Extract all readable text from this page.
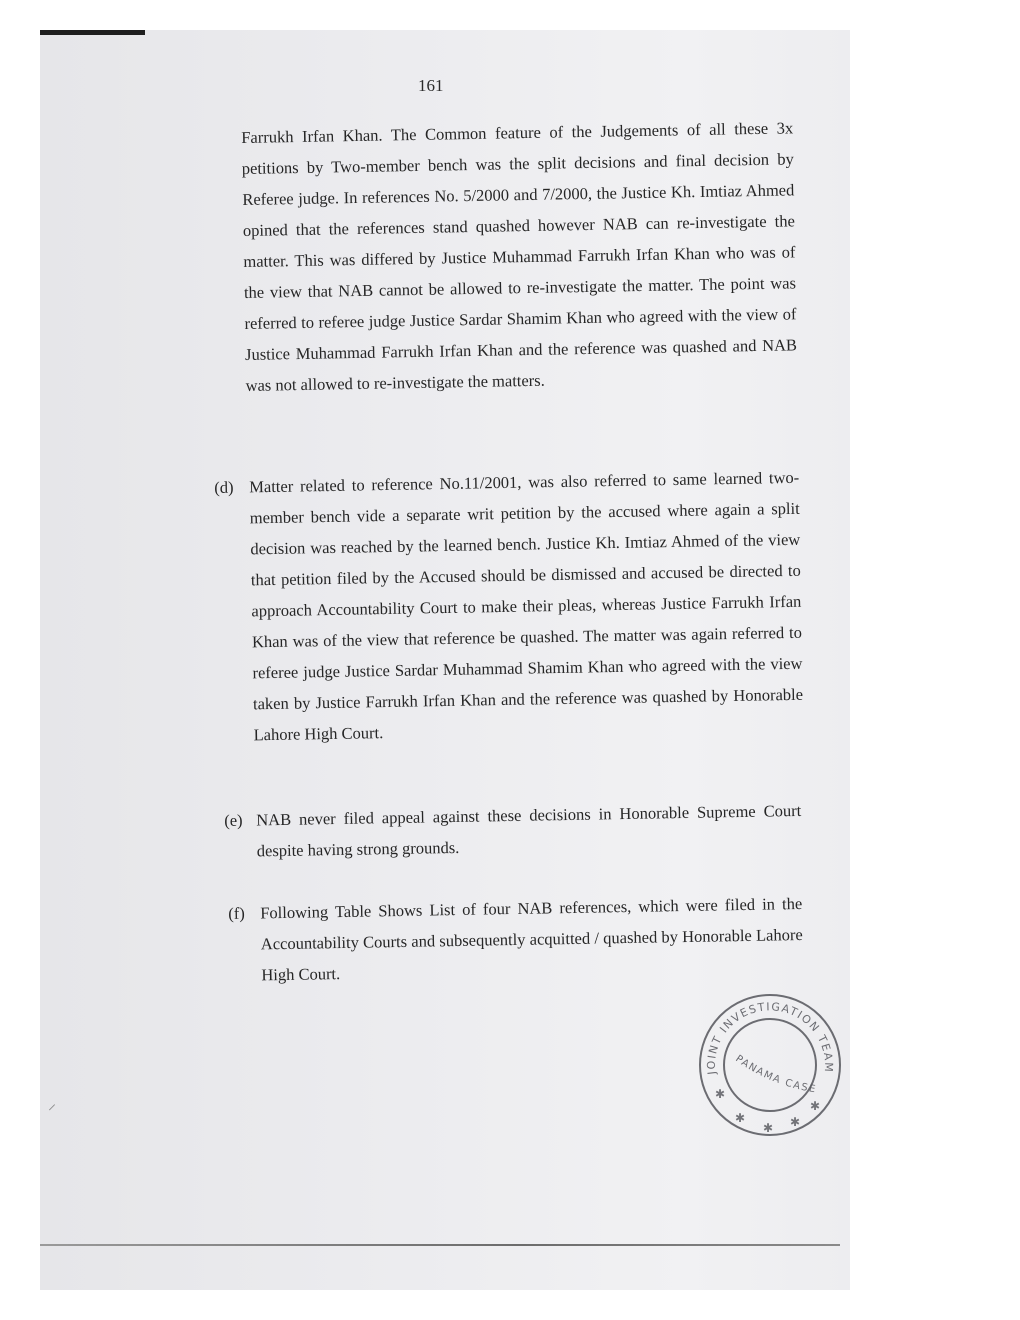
161

Farrukh Irfan Khan. The Common feature of the Judgements of all these 3x petitions by Two-member bench was the split decisions and final decision by Referee judge. In references No. 5/2000 and 7/2000, the Justice Kh. Imtiaz Ahmed opined that the references stand quashed however NAB can re-investigate the matter. This was differed by Justice Muhammad Farrukh Irfan Khan who was of the view that NAB cannot be allowed to re-investigate the matter. The point was referred to referee judge Justice Sardar Shamim Khan who agreed with the view of Justice Muhammad Farrukh Irfan Khan and the reference was quashed and NAB was not allowed to re-investigate the matters.

(d) Matter related to reference No.11/2001, was also referred to same learned two-member bench vide a separate writ petition by the accused where again a split decision was reached by the learned bench. Justice Kh. Imtiaz Ahmed of the view that petition filed by the Accused should be dismissed and accused be directed to approach Accountability Court to make their pleas, whereas Justice Farrukh Irfan Khan was of the view that reference be quashed. The matter was again referred to referee judge Justice Sardar Muhammad Shamim Khan who agreed with the view taken by Justice Farrukh Irfan Khan and the reference was quashed by Honorable Lahore High Court.

(e) NAB never filed appeal against these decisions in Honorable Supreme Court despite having strong grounds.

(f) Following Table Shows List of four NAB references, which were filed in the Accountability Courts and subsequently acquitted / quashed by Honorable Lahore High Court.

JOINT INVESTIGATION TEAM
PANAMA CASE
✱
✱
✱ ✱
✱
⸝
